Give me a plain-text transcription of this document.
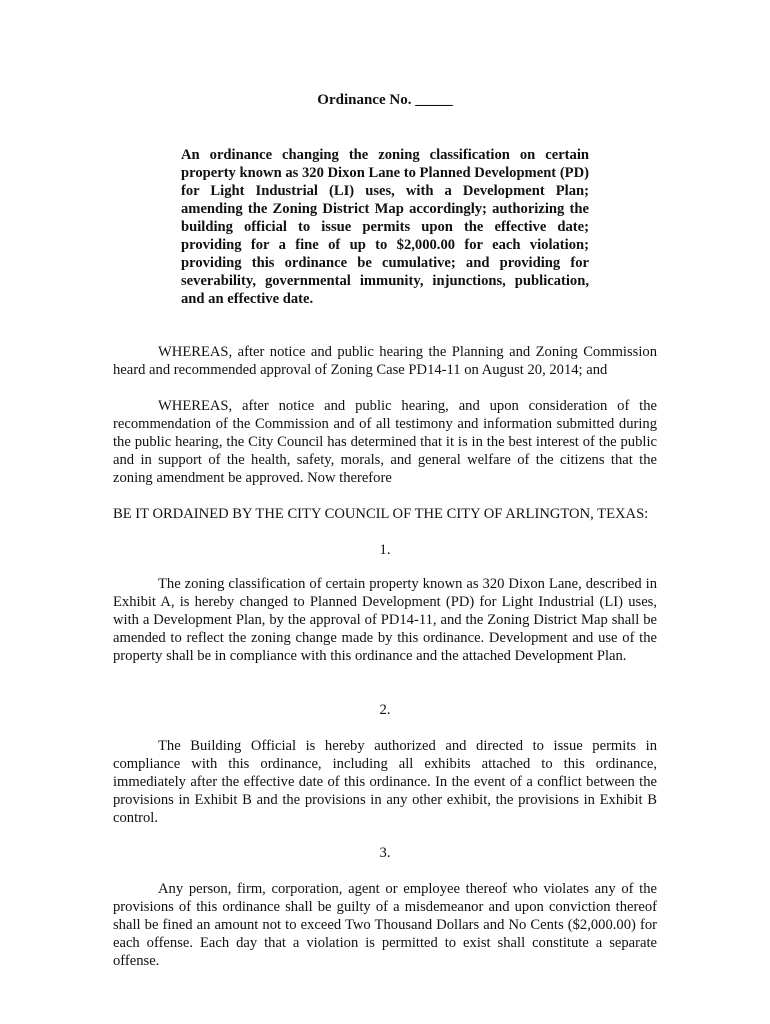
Ordinance No. _____
An ordinance changing the zoning classification on certain property known as 320 Dixon Lane to Planned Development (PD) for Light Industrial (LI) uses, with a Development Plan; amending the Zoning District Map accordingly; authorizing the building official to issue permits upon the effective date; providing for a fine of up to $2,000.00 for each violation; providing this ordinance be cumulative; and providing for severability, governmental immunity, injunctions, publication, and an effective date.

WHEREAS, after notice and public hearing the Planning and Zoning Commission heard and recommended approval of Zoning Case PD14-11 on August 20, 2014; and

WHEREAS, after notice and public hearing, and upon consideration of the recommendation of the Commission and of all testimony and information submitted during the public hearing, the City Council has determined that it is in the best interest of the public and in support of the health, safety, morals, and general welfare of the citizens that the zoning amendment be approved. Now therefore

BE IT ORDAINED BY THE CITY COUNCIL OF THE CITY OF ARLINGTON, TEXAS:

1.

The zoning classification of certain property known as 320 Dixon Lane, described in Exhibit A, is hereby changed to Planned Development (PD) for Light Industrial (LI) uses, with a Development Plan, by the approval of PD14-11, and the Zoning District Map shall be amended to reflect the zoning change made by this ordinance. Development and use of the property shall be in compliance with this ordinance and the attached Development Plan.

2.

The Building Official is hereby authorized and directed to issue permits in compliance with this ordinance, including all exhibits attached to this ordinance, immediately after the effective date of this ordinance. In the event of a conflict between the provisions in Exhibit B and the provisions in any other exhibit, the provisions in Exhibit B control.

3.

Any person, firm, corporation, agent or employee thereof who violates any of the provisions of this ordinance shall be guilty of a misdemeanor and upon conviction thereof shall be fined an amount not to exceed Two Thousand Dollars and No Cents ($2,000.00) for each offense. Each day that a violation is permitted to exist shall constitute a separate offense.
